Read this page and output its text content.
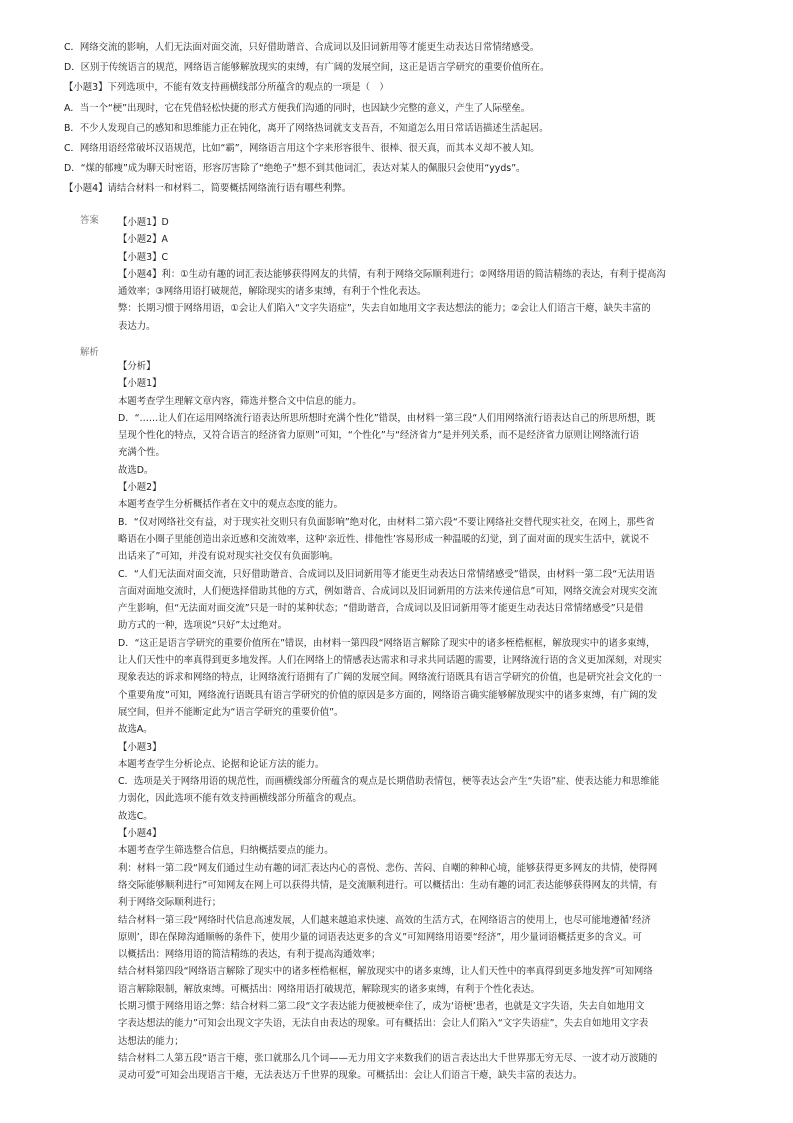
C．网络交流的影响，人们无法面对面交流，只好借助谐音、合成词以及旧词新用等才能更生动表达日常情绪感受。
D．区别于传统语言的规范，网络语言能够解放现实的束缚，有广阔的发展空间，这正是语言学研究的重要价值所在。
【小题3】下列选项中，不能有效支持画横线部分所蕴含的观点的一项是（　）
A．当一个“梗”出现时，它在凭借轻松快捷的形式方便我们沟通的同时，也因缺少完整的意义，产生了人际壁垒。
B．不少人发现自己的感知和思维能力正在钝化，离开了网络热词就支支吾吾，不知道怎么用日常话语描述生活起居。
C．网络用语经常破坏汉语规范，比如“霸”，网络语言用这个字来形容很牛、很棒、很天真，而其本义却不被人知。
D．“煤的郁瘦”成为聊天时密语，形容厉害除了“绝绝子”想不到其他词汇，表达对某人的佩服只会使用“yyds”。
【小题4】请结合材料一和材料二，简要概括网络流行语有哪些利弊。
答案 【小题1】D
【小题2】A
【小题3】C
【小题4】利：①生动有趣的词汇表达能够获得网友的共情，有利于网络交际顺利进行；②网络用语的简洁精练的表达，有利于提高沟
通效率；③网络用语打破规范，解除现实的诸多束缚，有利于个性化表达。
弊：长期习惯于网络用语，①会让人们陷入“文字失语症”，失去自如地用文字表达想法的能力；②会让人们语言干瘪，缺失丰富的
表达力。
解析
【分析】
【小题1】
本题考查学生理解文章内容，筛选并整合文中信息的能力。
D．“……让人们在运用网络流行语表达所思所想时充满个性化”错误，由材料一第三段“人们用网络流行语表达自己的所思所想，既
呈现个性化的特点，又符合语言的经济省力原则”可知，“个性化”与“经济省力”是并列关系，而不是经济省力原则让网络流行语
充满个性。
故选D。
【小题2】
本题考查学生分析概括作者在文中的观点态度的能力。
B．“仅对网络社交有益，对于现实社交则只有负面影响”绝对化，由材料二第六段“不要让网络社交替代现实社交，在网上，那些省
略语在小圈子里能创造出亲近感和交流效率，这种‘亲近性、排他性’容易形成一种温暖的幻觉，到了面对面的现实生活中，就说不
出话来了”可知，并没有说对现实社交仅有负面影响。
C．“人们无法面对面交流，只好借助谐音、合成词以及旧词新用等才能更生动表达日常情绪感受”错误，由材料一第二段“无法用语
言面对面地交流时，人们便选择借助其他的方式，例如谐音、合成词以及旧词新用的方法来传递信息”可知，网络交流会对现实交流
产生影响，但“无法面对面交流”只是一时的某种状态；“借助谐音，合成词以及旧词新用等才能更生动表达日常情绪感受”只是借
助方式的一种，选项说“只好”太过绝对。
D．“这正是语言学研究的重要价值所在”错误，由材料一第四段“网络语言解除了现实中的诸多桎梏框框，解放现实中的诸多束缚，
让人们天性中的率真得到更多地发挥。人们在网络上的情感表达需求和寻求共同话题的需要，让网络流行语的含义更加深刻，对现实
现象表达的诉求和网络的特点，让网络流行语拥有了广阔的发展空间。网络流行语既具有语言学研究的价值，也是研究社会文化的一
个重要角度”可知，网络流行语既具有语言学研究的价值的原因是多方面的，网络语言确实能够解放现实中的诸多束缚，有广阔的发
展空间，但并不能断定此为“语言学研究的重要价值”。
故选A。
【小题3】
本题考查学生分析论点、论据和论证方法的能力。
C．选项是关于网络用语的规范性，而画横线部分所蕴含的观点是长期借助表情包，梗等表达会产生“失语”症、使表达能力和思维能
力弱化，因此选项不能有效支持画横线部分所蕴含的观点。
故选C。
【小题4】
本题考查学生筛选整合信息，归纳概括要点的能力。
利：材料一第二段“网友们通过生动有趣的词汇表达内心的喜悦、悲伤、苦闷、自嘲的种种心境，能够获得更多网友的共情，使得网
络交际能够顺利进行”可知网友在网上可以获得共情，是交流顺利进行。可以概括出：生动有趣的词汇表达能够获得网友的共情，有
利于网络交际顺利进行；
结合材料一第三段“网络时代信息高速发展，人们越来越追求快速、高效的生活方式，在网络语言的使用上，也尽可能地遵循‘经济
原则’，即在保障沟通顺畅的条件下，使用少量的词语表达更多的含义”可知网络用语要“经济”，用少量词语概括更多的含义。可
以概括出：网络用语的简洁精练的表达，有利于提高沟通效率；
结合材料第四段“网络语言解除了现实中的诸多桎梏框框，解放现实中的诸多束缚，让人们天性中的率真得到更多地发挥”可知网络
语言解除限制，解放束缚。可概括出：网络用语打破规范，解除现实的诸多束缚，有利于个性化表达。
长期习惯于网络用语之弊：结合材料二第二段“文字表达能力便被梗牵住了，成为‘语梗’患者，也就是文字失语，失去自如地用文
字表达想法的能力”可知会出现文字失语，无法自由表达的现象。可有概括出：会让人们陷入“文字失语症”，失去自如地用文字表
达想法的能力；
结合材料二人第五段“语言干瘪，张口就那么几个词——无力用文字来数我们的语言表达出大千世界那无穷无尽、一波才动万波随的
灵动可爱”可知会出现语言干瘪，无法表达万千世界的现象。可概括出：会让人们语言干瘪，缺失丰富的表达力。
